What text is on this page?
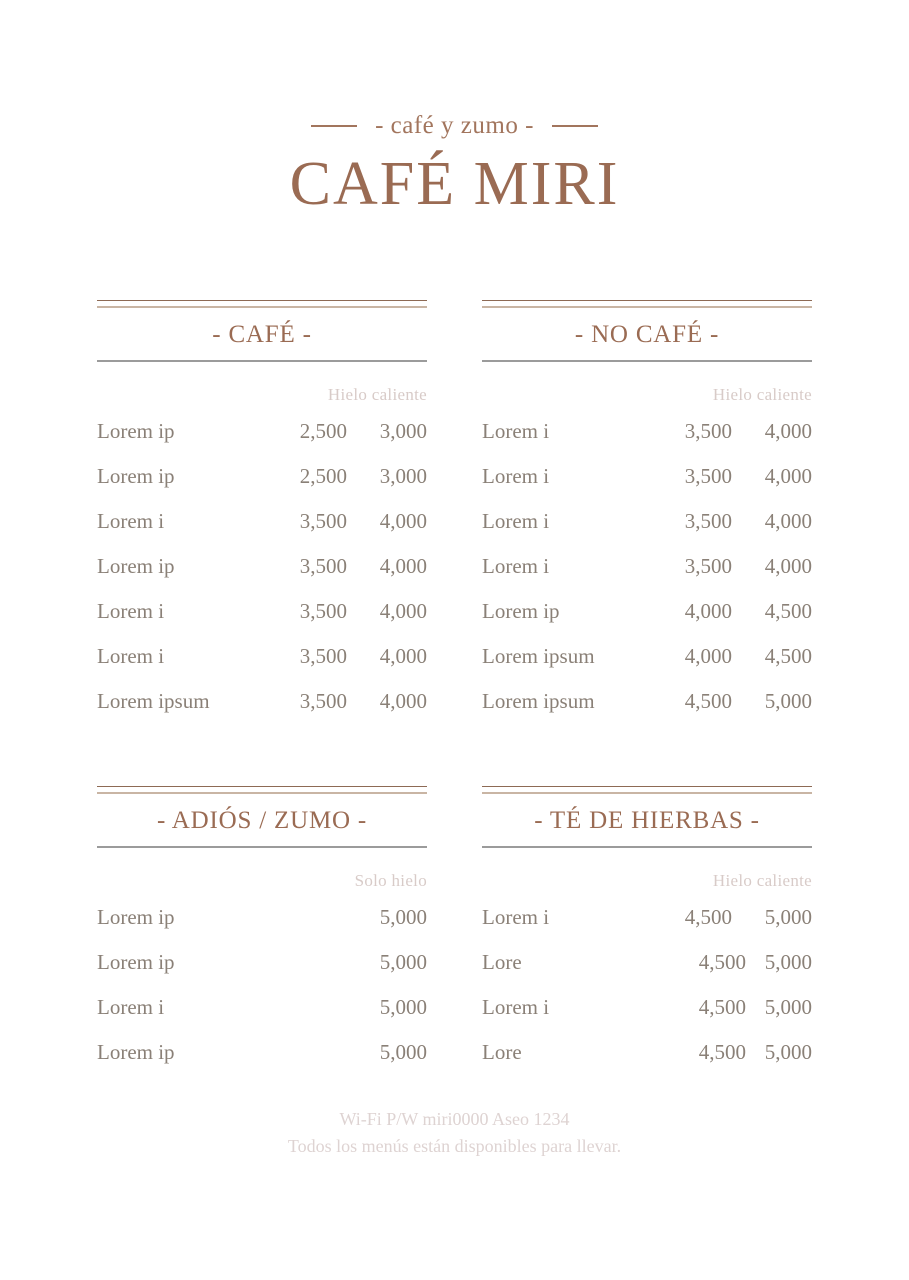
- café y zumo -
CAFÉ MIRI
- CAFÉ -
Hielo caliente
Lorem ip	2,500	3,000
Lorem ip	2,500	3,000
Lorem i	3,500	4,000
Lorem ip	3,500	4,000
Lorem i	3,500	4,000
Lorem i	3,500	4,000
Lorem ipsum	3,500	4,000
- NO CAFÉ -
Hielo caliente
Lorem i	3,500	4,000
Lorem i	3,500	4,000
Lorem i	3,500	4,000
Lorem i	3,500	4,000
Lorem ip	4,000	4,500
Lorem ipsum	4,000	4,500
Lorem ipsum	4,500	5,000
- ADIÓS / ZUMO -
Solo hielo
Lorem ip	5,000
Lorem ip	5,000
Lorem i	5,000
Lorem ip	5,000
- TÉ DE HIERBAS -
Hielo caliente
Lorem i	4,500	5,000
Lore	4,500 5,000
Lorem i	4,500 5,000
Lore	4,500 5,000
Wi-Fi P/W miri0000 Aseo 1234
Todos los menús están disponibles para llevar.
